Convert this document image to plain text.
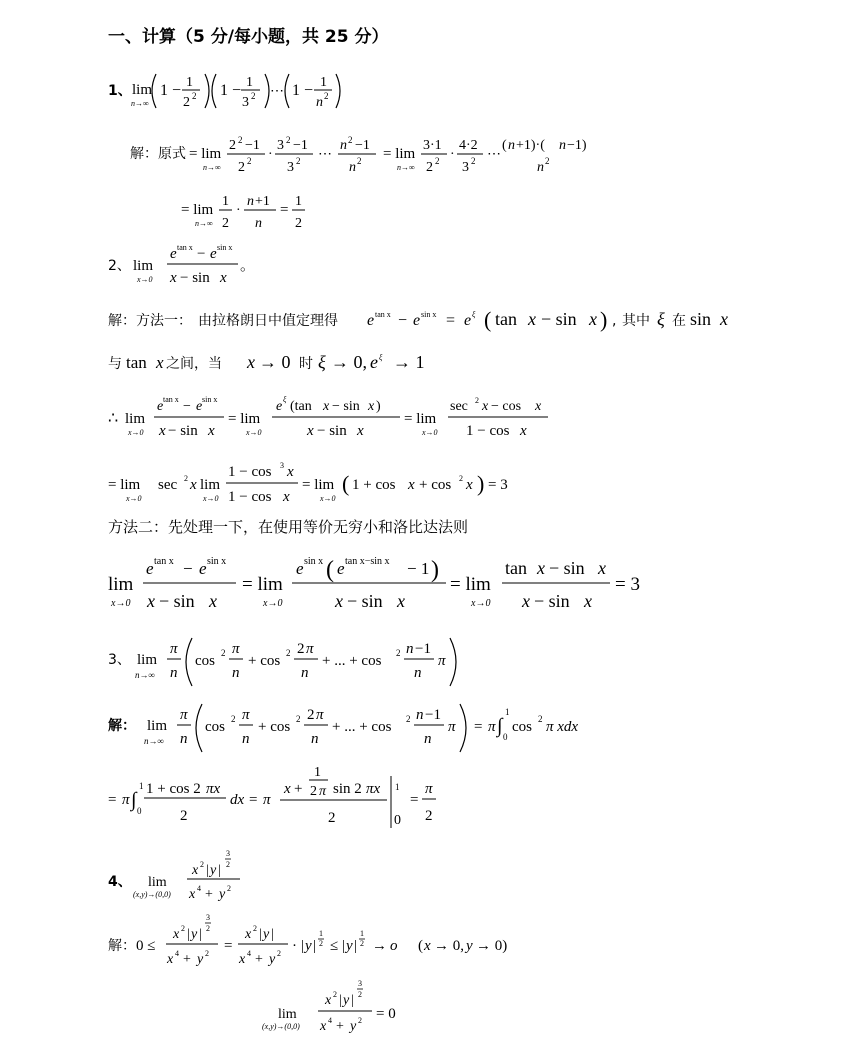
一、计算（5 分/每小题，共 25 分）
1、 lim
n→∞
1 − 1
2 2 1 − 1
3 2 ⋯ 1 − 1
n 2
解：原式 = lim
n→∞
2 2 −1
2 2 ·
3 2 −1
3 2 ⋯
n 2 −1
n 2 = lim
n→∞
3·1
2 2 ·
4·2
3 2 ⋯
( n +1)·( n −1)
n 2
= lim
n→∞
1
2
·
n +1
n
=
1
2
2、 lim
x→0
e tan x − e sin x
x − sin x
。
解：方法一： 由拉格朗日中值定理得 e tan x − e sin x = e ξ ( tan x − sin x ) , 其中 ξ 在 sin x
与 tan x 之间，当 x → 0 时 ξ → 0, e ξ → 1
∴ lim
x→0
e tan x − e sin x
x − sin x
= lim
x→0
e ξ (tan x − sin x )
x − sin x
= lim
x→0
sec 2 x − cos x
1 − cos x
= lim
x→0
sec 2 x lim
x→0
1 − cos 3 x
1 − cos x
= lim
x→0
( 1 + cos x + cos 2 x ) = 3
方法二：先处理一下，在使用等价无穷小和洛比达法则
lim
x→0
e tan x − e sin x
x − sin x
= lim
x→0
e sin x ( e tan x−sin x − 1 )
x − sin x
= lim
x→0
tan x − sin x
x − sin x
= 3
3、 lim
n→∞
π
n
cos 2 π
n
+ cos 2 2 π
n
+ ... + cos 2 n −1
n
π
解： lim
n→∞
π
n
cos 2 π
n
+ cos 2 2 π
n
+ ... + cos 2 n −1
n
π = π ∫
1
0
cos 2 π xdx
= π ∫
1
0
1 + cos 2 πx
2
dx = π
x +
1
2 π sin 2 πx
2
1
0
=
π
2
4、 lim
(x,y)→(0,0)
x 2 | y |
3
2
x 4 + y 2
解： 0 ≤
x 2 | y |
3
2
x 4 + y 2 =
x 2 | y |
x 4 + y 2 · | y |
1
2 ≤ | y |
1
2 → o ( x → 0, y → 0)
lim
(x,y)→(0,0)
x 2 | y |
3
2
x 4 + y 2 = 0
